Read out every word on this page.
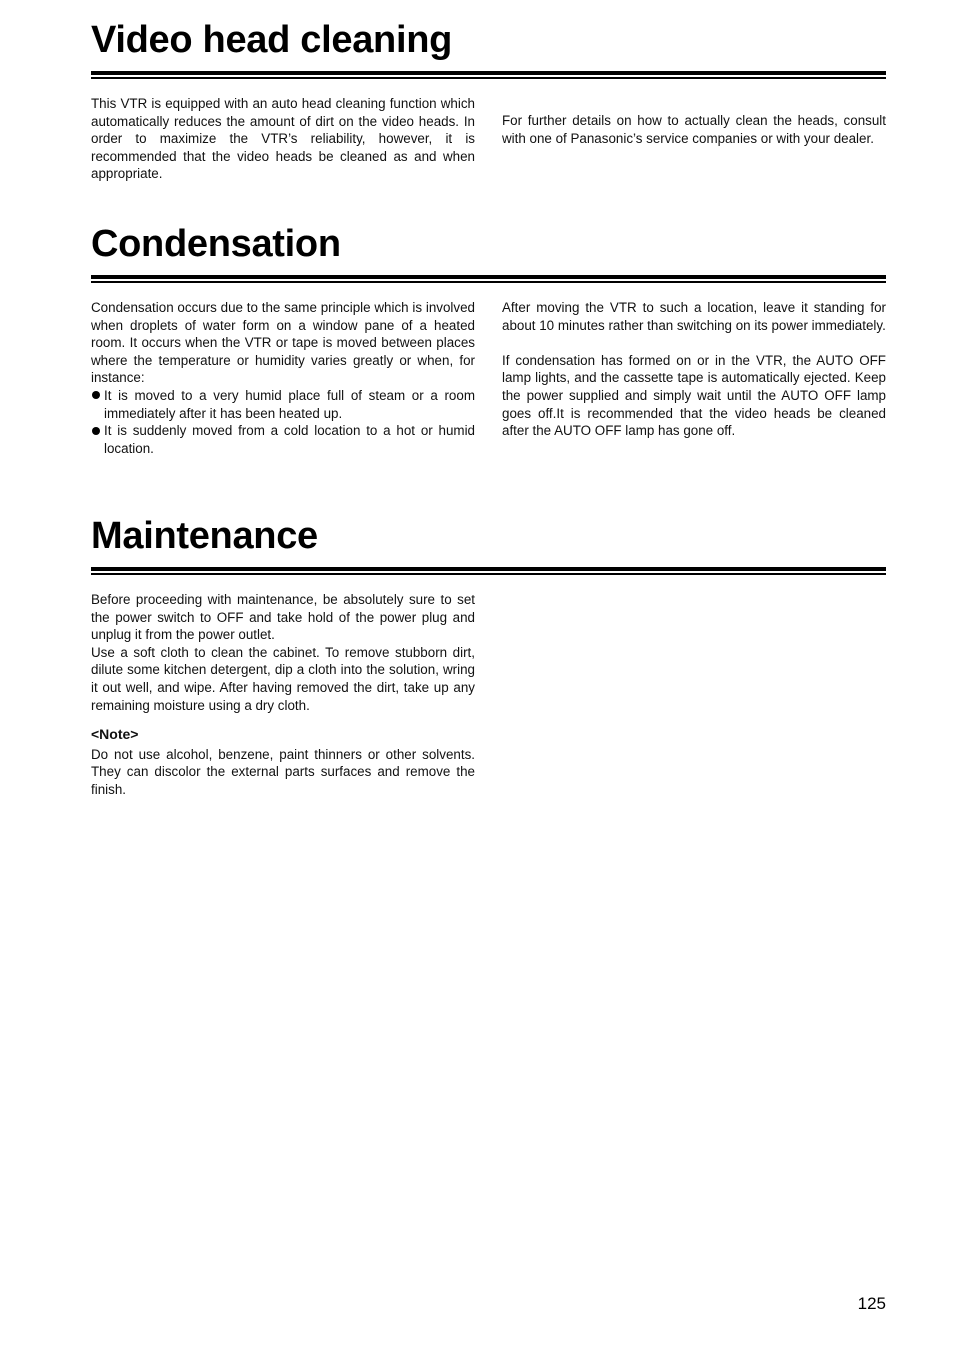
Video head cleaning

This VTR is equipped with an auto head cleaning function which automatically reduces the amount of dirt on the video heads. In order to maximize the VTR’s reliability, however, it is recommended that the video heads be cleaned as and when appropriate.

For further details on how to actually clean the heads, consult with one of Panasonic’s service companies or with your dealer.

Condensation

Condensation occurs due to the same principle which is involved when droplets of water form on a window pane of a heated room. It occurs when the VTR or tape is moved between places where the temperature or humidity varies greatly or when, for instance:

It is moved to a very humid place full of steam or a room immediately after it has been heated up.
It is suddenly moved from a cold location to a hot or humid location.

After moving the VTR to such a location, leave it standing for about 10 minutes rather than switching on its power immediately.

If condensation has formed on or in the VTR, the AUTO OFF lamp lights, and the cassette tape is automatically ejected. Keep the power supplied and simply wait until the AUTO OFF lamp goes off.It is recommended that the video heads be cleaned after the AUTO OFF lamp has gone off.

Maintenance

Before proceeding with maintenance, be absolutely sure to set the power switch to OFF and take hold of the power plug and unplug it from the power outlet.

Use a soft cloth to clean the cabinet. To remove stubborn dirt, dilute some kitchen detergent, dip a cloth into the solution, wring it out well, and wipe. After having removed the dirt, take up any remaining moisture using a dry cloth.

<Note>

Do not use alcohol, benzene, paint thinners or other solvents. They can discolor the external parts surfaces and remove the finish.

125
